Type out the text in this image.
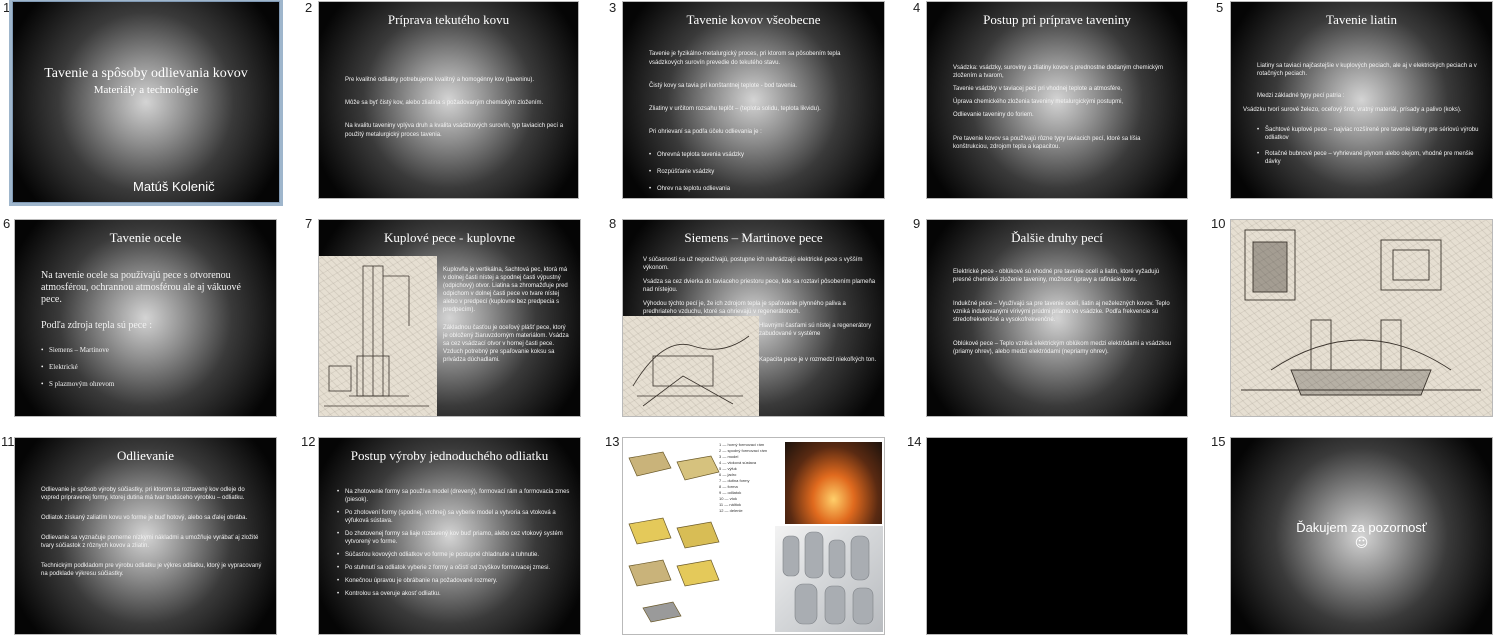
1
Tavenie a spôsoby odlievania kovov
Materiály a technológie
Matúš Kolenič
2
Príprava tekutého kovu

Pre kvalitné odliatky potrebujeme kvalitný a homogénny kov (taveninu).

Môže sa byť čistý kov, alebo zliatina s požadovaným chemickým zložením.

Na kvalitu taveniny vplýva druh a kvalita vsádzkových surovín, typ taviacich pecí a použitý metalurgický proces tavenia.

3
Tavenie kovov všeobecne

Tavenie je fyzikálno-metalurgický proces, pri ktorom sa pôsobením tepla vsádzkových surovín prevedie do tekutého stavu.

Čistý kovy sa tavia pri konštantnej teplote - bod tavenia.

Zliatiny v určitom rozsahu teplôt – (teplota solidu, teplota likvidu).

Pri ohrievaní sa podľa účelu odlievania je :

• Ohrevná teplota tavenia vsádzky
• Rozpúšťanie vsádzky
• Ohrev na teplotu odlievania
4
Postup pri príprave taveniny

Vsádzka: vsádzky, suroviny a zliatiny kovov s prednostne dodaným chemickým zložením a tvarom,

Tavenie vsádzky v taviacej peci pri vhodnej teplote a atmosfére,

Úprava chemického zloženia taveniny metalurgickými postupmi,

Odlievanie taveniny do foriem.

Pre tavenie kovov sa používajú rôzne typy taviacich pecí, ktoré sa líšia konštrukciou, zdrojom tepla a kapacitou.

5
Tavenie liatin

Liatiny sa taviaci najčastejšie v kuplových peciach, ale aj v elektrických peciach a v rotačných peciach.

Medzi základné typy pecí patria :

Vsádzku tvorí surové železo, oceľový šrot, vratný materiál, prísady a palivo (koks).

• Šachtové kuplové pece – najviac rozšírené pre tavenie liatiny pre sériovú výrobu odliatkov
• Rotačné bubnové pece – vyhrievané plynom alebo olejom, vhodné pre menšie dávky
6
Tavenie ocele

Na tavenie ocele sa používajú pece s otvorenou atmosférou, ochrannou atmosférou ale aj vákuové pece.

Podľa zdroja tepla sú pece :

• Siemens – Martinove
• Elektrické
• S plazmovým ohrevom
7
Kuplové pece - kuplovne

Kuplovňa je vertikálna, šachtová pec, ktorá má v dolnej časti nístej a spodnej časti výpustný (odpichový) otvor. Liatina sa zhromažďuje pred odpichom v dolnej časti pece vo tvare nístej alebo v predpecí (kuplovne bez predpecia s predpecím).

Základnou časťou je oceľový plášť pece, ktorý je obložený žiaruvzdorným materiálom. Vsádza sa cez vsádzací otvor v hornej časti pece. Vzduch potrebný pre spaľovanie koksu sa privádza dúchadlami.

8
Siemens – Martinove pece

V súčasnosti sa už nepoužívajú, postupne ich nahrádzajú elektrické pece s vyšším výkonom.

Vsádza sa cez dvierka do taviaceho priestoru pece, kde sa roztaví pôsobením plameňa nad nístejou.

Výhodou týchto pecí je, že ich zdrojom tepla je spaľovanie plynného paliva a predhriateho vzduchu, ktoré sa ohrievajú v regenerátoroch.

Hlavnými časťami sú nístej a regenerátory zabudované v systéme

Kapacita pece je v rozmedzí niekoľkých ton.

9
Ďalšie druhy pecí

Elektrické pece - oblúkové sú vhodné pre tavenie ocelí a liatin, ktoré vyžadujú presné chemické zloženie taveniny, možnosť úpravy a rafinácie kovu.

Indukčné pece – Využívajú sa pre tavenie ocelí, liatin aj neželezných kovov. Teplo vzniká indukovanými vírivými prúdmi priamo vo vsádzke. Podľa frekvencie sú stredofrekvenčné a vysokofrekvenčné.

Oblúkové pece – Teplo vzniká elektrickým oblúkom medzi elektródami a vsádzkou (priamy ohrev), alebo medzi elektródami (nepriamy ohrev).

10
11
Odlievanie

Odlievanie je spôsob výroby súčiastky, pri ktorom sa roztavený kov odleje do vopred pripravenej formy, ktorej dutina má tvar budúceho výrobku – odliatku.

Odliatok získaný zaliatím kovu vo forme je buď hotový, alebo sa ďalej obrába.

Odlievanie sa vyznačuje pomerne nízkymi nákladmi a umožňuje vyrábať aj zložité tvary súčiastok z rôznych kovov a zliatin.

Technickým podkladom pre výrobu odliatku je výkres odliatku, ktorý je vypracovaný na podklade výkresu súčiastky.

12
Postup výroby jednoduchého odliatku
• Na zhotovenie formy sa používa model (drevený), formovací rám a formovacia zmes (piesok).
• Po zhotovení formy (spodnej, vrchnej) sa vyberie model a vytvoria sa vtoková a výfuková sústava.
• Do zhotovenej formy sa liaje roztavený kov buď priamo, alebo cez vtokový systém vytvorený vo forme.
• Súčasťou kovových odliatkov vo forme je postupné chladnutie a tuhnutie.
• Po stuhnutí sa odliatok vyberie z formy a očistí od zvyškov formovacej zmesi.
• Konečnou úpravou je obrábanie na požadované rozmery.
• Kontrolou sa overuje akosť odliatku.
13	1 — horný formovací rám
2 — spodný formovací rám
3 — model
4 — vtoková sústava
5 — výfuk
6 — jadro
7 — dutina formy
8 — forma
9 — odliatok
10 — vtok
11 — nálitok
12 — delenie
14	15
Ďakujem za pozornosť
☺
